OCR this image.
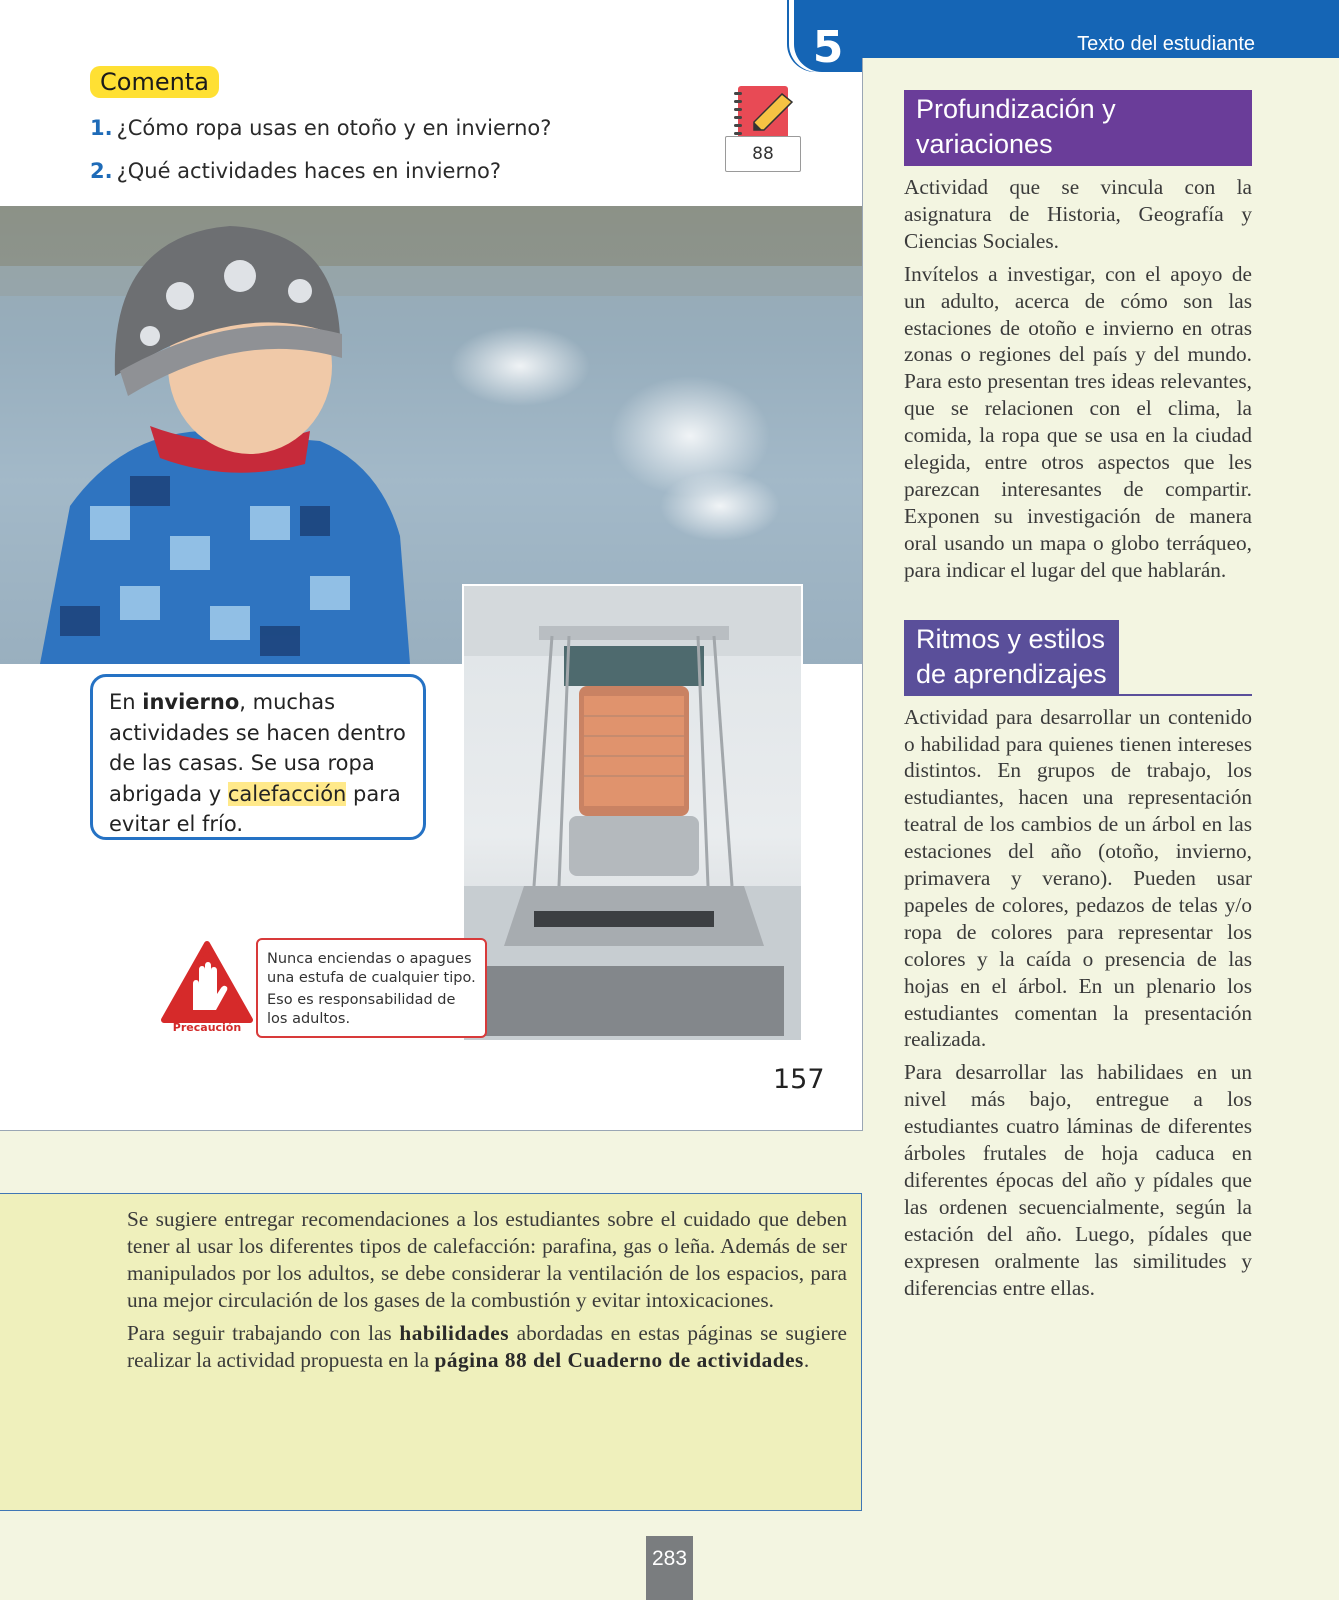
Comenta
1. ¿Cómo ropa usas en otoño y en invierno?
2. ¿Qué actividades haces en invierno?
88
En invierno, muchas actividades se hacen dentro de las casas. Se usa ropa abrigada y calefacción para evitar el frío.
Precaución

Nunca enciendas o apagues una estufa de cualquier tipo.

Eso es responsabilidad de los adultos.

157
5	Texto del estudiante
Profundización y variaciones

Actividad que se vincula con la asignatura de Historia, Geografía y Ciencias Sociales.

Invítelos a investigar, con el apoyo de un adulto, acerca de cómo son las estaciones de otoño e invierno en otras zonas o regiones del país y del mundo. Para esto presentan tres ideas relevantes, que se relacionen con el clima, la comida, la ropa que se usa en la ciudad elegida, entre otros aspectos que les parezcan interesantes de compartir. Exponen su investigación de manera oral usando un mapa o globo terráqueo, para indicar el lugar del que hablarán.

Ritmos y estilos
de aprendizajes

Actividad para desarrollar un contenido o habilidad para quienes tienen intereses distintos. En grupos de trabajo, los estudiantes, hacen una representación teatral de los cambios de un árbol en las estaciones del año (otoño, invierno, primavera y verano). Pueden usar papeles de colores, pedazos de telas y/o ropa de colores para representar los colores y la caída o presencia de las hojas en el árbol. En un plenario los estudiantes comentan la presentación realizada.

Para desarrollar las habilidaes en un nivel más bajo, entregue a los estudiantes cuatro láminas de diferentes árboles frutales de hoja caduca en diferentes épocas del año y pídales que las ordenen secuencialmente, según la estación del año. Luego, pídales que expresen oralmente las similitudes y diferencias entre ellas.

Se sugiere entregar recomendaciones a los estudiantes sobre el cuidado que deben tener al usar los diferentes tipos de calefacción: parafina, gas o leña. Además de ser manipulados por los adultos, se debe considerar la ventilación de los espacios, para una mejor circulación de los gases de la combustión y evitar intoxicaciones.

Para seguir trabajando con las habilidades abordadas en estas páginas se sugiere realizar la actividad propuesta en la página 88 del Cuaderno de actividades.

283
